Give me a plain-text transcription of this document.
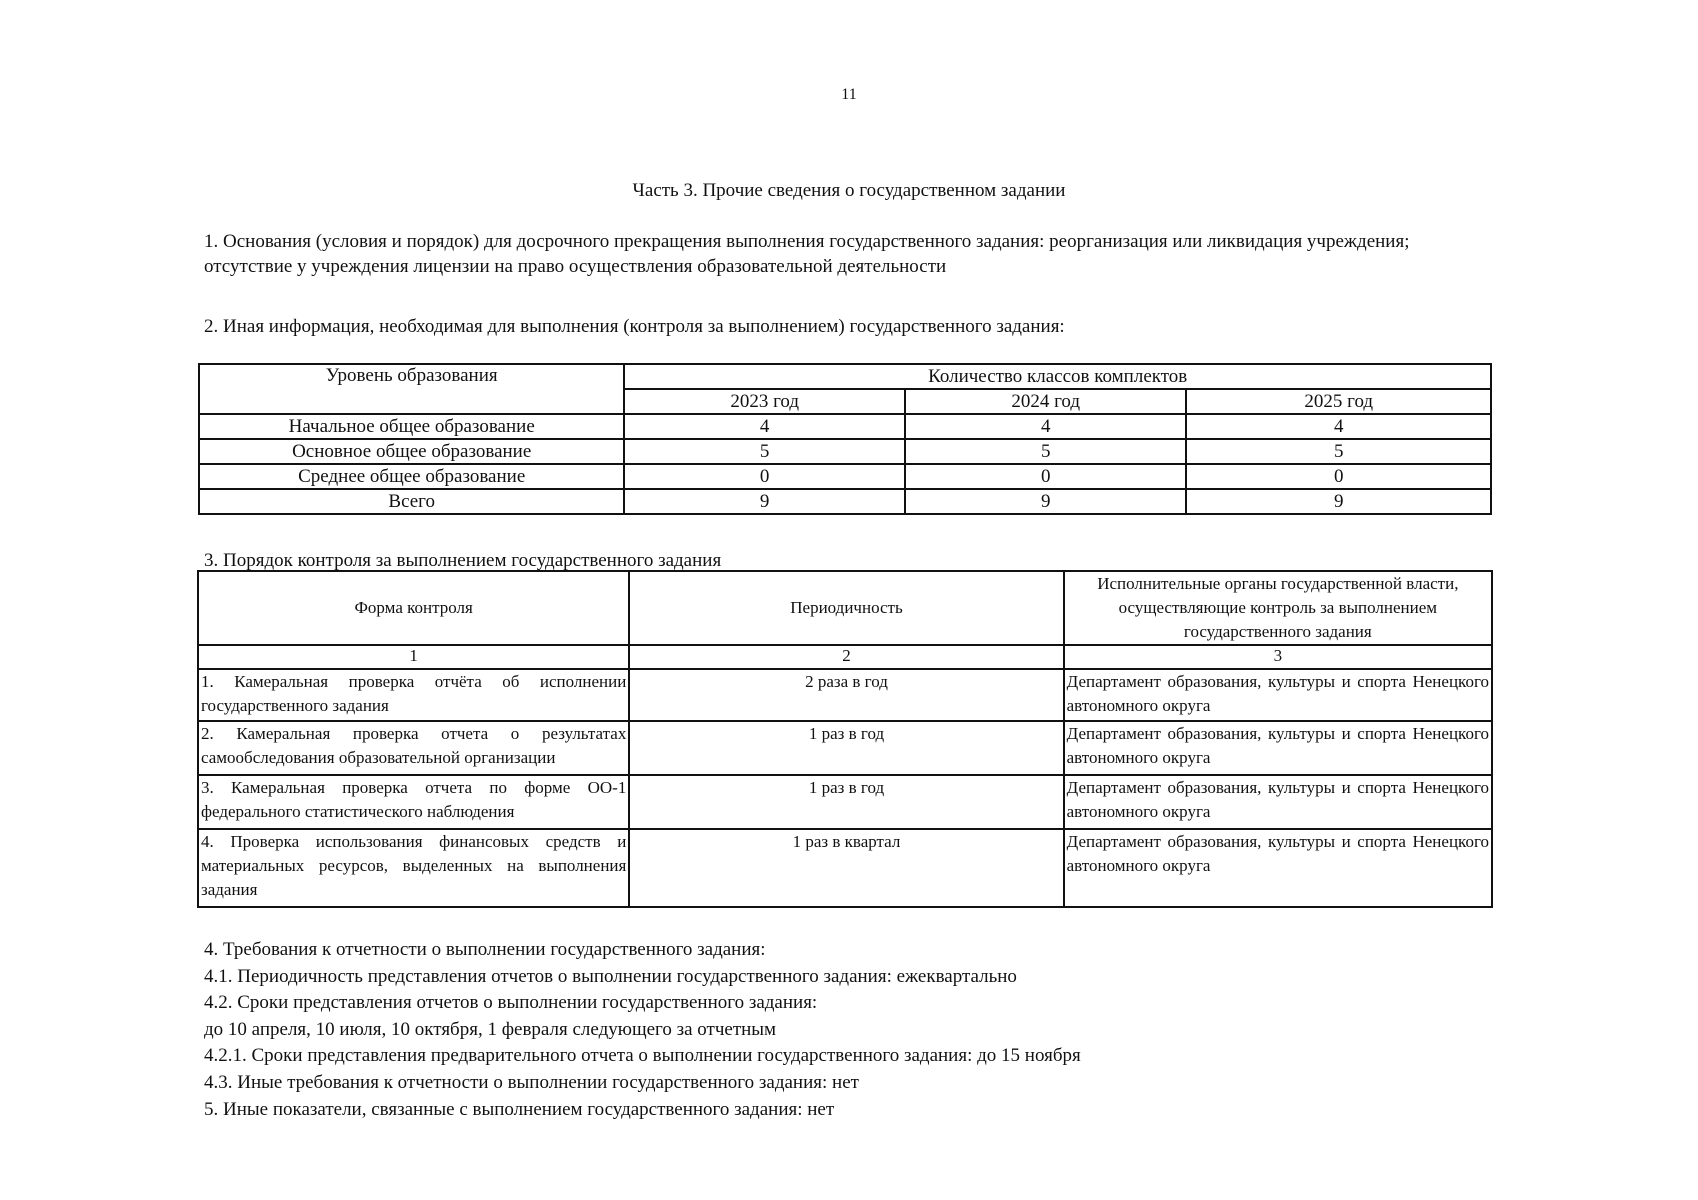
11
Часть 3. Прочие сведения о государственном задании
1. Основания (условия и порядок) для досрочного прекращения выполнения государственного задания: реорганизация или ликвидация учреждения; отсутствие у учреждения лицензии на право осуществления образовательной деятельности
2. Иная информация, необходимая для выполнения (контроля за выполнением) государственного задания:
Уровень образования	Количество классов комплектов		
	2023 год	2024 год	2025 год
Начальное общее образование	4	4	4
Основное общее образование	5	5	5
Среднее общее образование	0	0	0
Всего	9	9	9
3. Порядок контроля за выполнением государственного задания
Форма контроля	Периодичность	Исполнительные органы государственной власти, осуществляющие контроль за выполнением государственного задания
1	2	3
1. Камеральная проверка отчёта об исполнении государственного задания	2 раза в год	Департамент образования, культуры и спорта Ненецкого автономного округа
2. Камеральная проверка отчета о результатах самообследования образовательной организации	1 раз в год	Департамент образования, культуры и спорта Ненецкого автономного округа
3. Камеральная проверка отчета по форме ОО-1 федерального статистического наблюдения	1 раз в год	Департамент образования, культуры и спорта Ненецкого автономного округа
4. Проверка использования финансовых средств и материальных ресурсов, выделенных на выполнения задания	1 раз в квартал	Департамент образования, культуры и спорта Ненецкого автономного округа
4. Требования к отчетности о выполнении государственного задания:
4.1. Периодичность представления отчетов о выполнении государственного задания: ежеквартально
4.2. Сроки представления отчетов о выполнении государственного задания:
до 10 апреля, 10 июля, 10 октября, 1 февраля следующего за отчетным
4.2.1. Сроки представления предварительного отчета о выполнении государственного задания: до 15 ноября
4.3. Иные требования к отчетности о выполнении государственного задания: нет
5. Иные показатели, связанные с выполнением государственного задания: нет
